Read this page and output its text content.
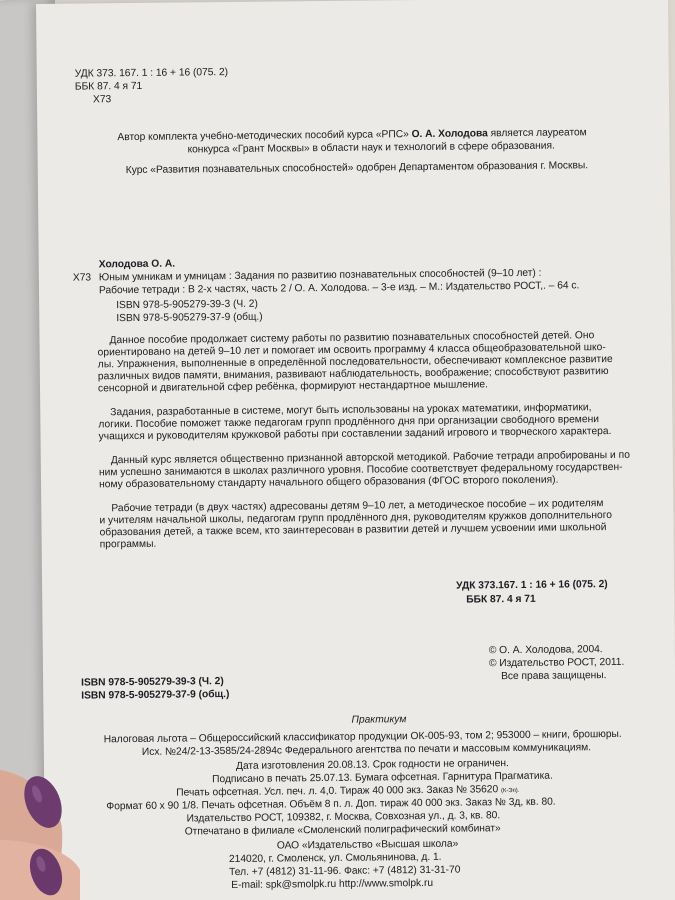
УДК 373. 167. 1 : 16 + 16 (075. 2)
ББК 87. 4 я 71
Х73
Автор комплекта учебно-методических пособий курса «РПС» О. А. Холодова является лауреатом
конкурса «Грант Москвы» в области наук и технологий в сфере образования.
Курс «Развития познавательных способностей» одобрен Департаментом образования г. Москвы.
Холодова О. А.
Х73 Юным умникам и умницам : Задания по развитию познавательных способностей (9–10 лет) :
Рабочие тетради : В 2-х частях, часть 2 / О. А. Холодова. – 3-е изд. – М.: Издательство РОСТ,. – 64 с.
ISBN 978-5-905279-39-3 (Ч. 2)
ISBN 978-5-905279-37-9 (общ.)

Данное пособие продолжает систему работы по развитию познавательных способностей детей. Оно
ориентировано на детей 9–10 лет и помогает им освоить программу 4 класса общеобразовательной шко-
лы. Упражнения, выполненные в определённой последовательности, обеспечивают комплексное развитие
различных видов памяти, внимания, развивают наблюдательность, воображение; способствуют развитию
сенсорной и двигательной сфер ребёнка, формируют нестандартное мышление.

Задания, разработанные в системе, могут быть использованы на уроках математики, информатики,
логики. Пособие поможет также педагогам групп продлённого дня при организации свободного времени
учащихся и руководителям кружковой работы при составлении заданий игрового и творческого характера.

Данный курс является общественно признанной авторской методикой. Рабочие тетради апробированы и по
ним успешно занимаются в школах различного уровня. Пособие соответствует федеральному государствен-
ному образовательному стандарту начального общего образования (ФГОС второго поколения).

Рабочие тетради (в двух частях) адресованы детям 9–10 лет, а методическое пособие – их родителям
и учителям начальной школы, педагогам групп продлённого дня, руководителям кружков дополнительного
образования детей, а также всем, кто заинтересован в развитии детей и лучшем усвоении ими школьной
программы.

УДК 373.167. 1 : 16 + 16 (075. 2)
ББК 87. 4 я 71
© О. А. Холодова, 2004.
© Издательство РОСТ, 2011.
Все права защищены.
ISBN 978-5-905279-39-3 (Ч. 2)
ISBN 978-5-905279-37-9 (общ.)
Практикум
Налоговая льгота – Общероссийский классификатор продукции ОК-005-93, том 2; 953000 – книги, брошюры.
Исх. №24/2-13-3585/24-2894с Федерального агентства по печати и массовым коммуникациям.
Дата изготовления 20.08.13. Срок годности не ограничен.
Подписано в печать 25.07.13. Бумага офсетная. Гарнитура Прагматика.
Печать офсетная. Усл. печ. л. 4,0. Тираж 40 000 экз. Заказ № 35620 (К-Эп).
Формат 60 х 90 1/8. Печать офсетная. Объём 8 п. л. Доп. тираж 40 000 экз. Заказ № 3д, кв. 80.
Издательство РОСТ, 109382, г. Москва, Совхозная ул., д. 3, кв. 80.
Отпечатано в филиале «Смоленский полиграфический комбинат»
ОАО «Издательство «Высшая школа»
214020, г. Смоленск, ул. Смольянинова, д. 1.
Тел. +7 (4812) 31-11-96. Факс: +7 (4812) 31-31-70
E-mail: spk@smolpk.ru http://www.smolpk.ru
